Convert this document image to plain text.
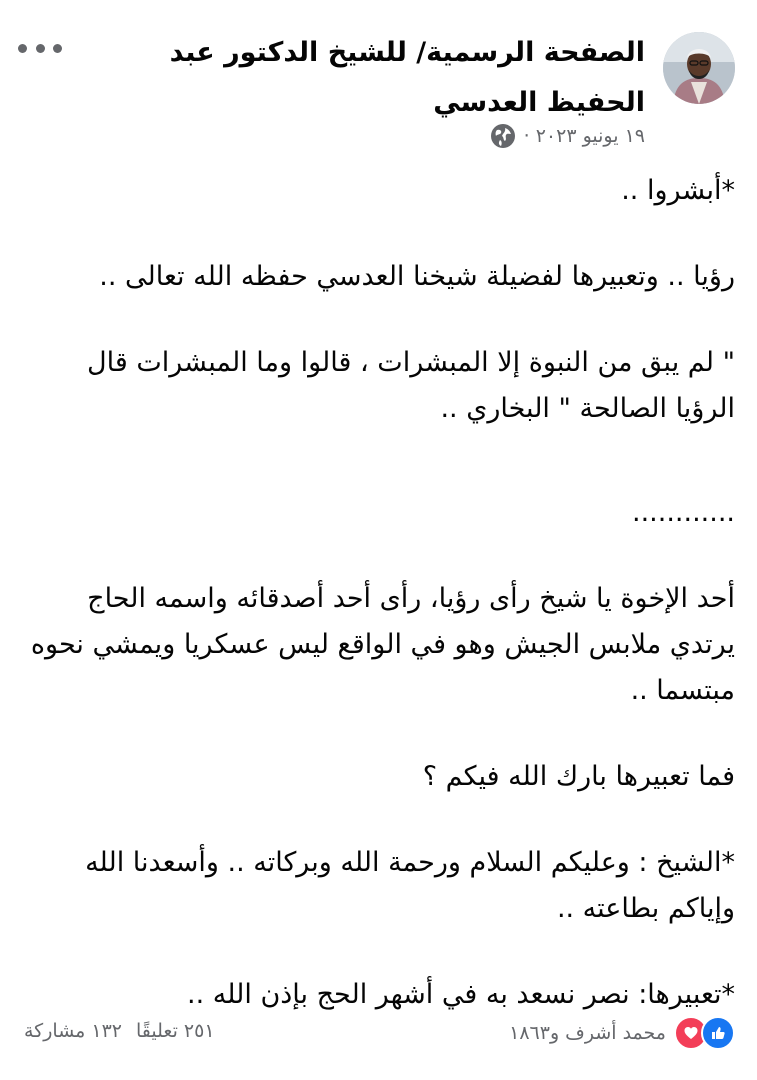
الصفحة الرسمية/ للشيخ الدكتور عبد الحفيظ العدسي
١٩ يونيو ٢٠٢٣ ·

*أبشروا ..

رؤيا .. وتعبيرها لفضيلة شيخنا العدسي حفظه الله تعالى ..

" لم يبق من النبوة إلا المبشرات ، قالوا وما المبشرات قال الرؤيا الصالحة " البخاري ..

............

أحد الإخوة يا شيخ رأى رؤيا، رأى أحد أصدقائه واسمه الحاج يرتدي ملابس الجيش وهو في الواقع ليس عسكريا ويمشي نحوه مبتسما ..

فما تعبيرها بارك الله فيكم ؟

*الشيخ : وعليكم السلام ورحمة الله وبركاته .. وأسعدنا الله وإياكم بطاعته ..

*تعبيرها: نصر نسعد به في أشهر الحج بإذن الله ..

محمد أشرف و١٨٦٣
٢٥١ تعليقًا
١٣٢ مشاركة
